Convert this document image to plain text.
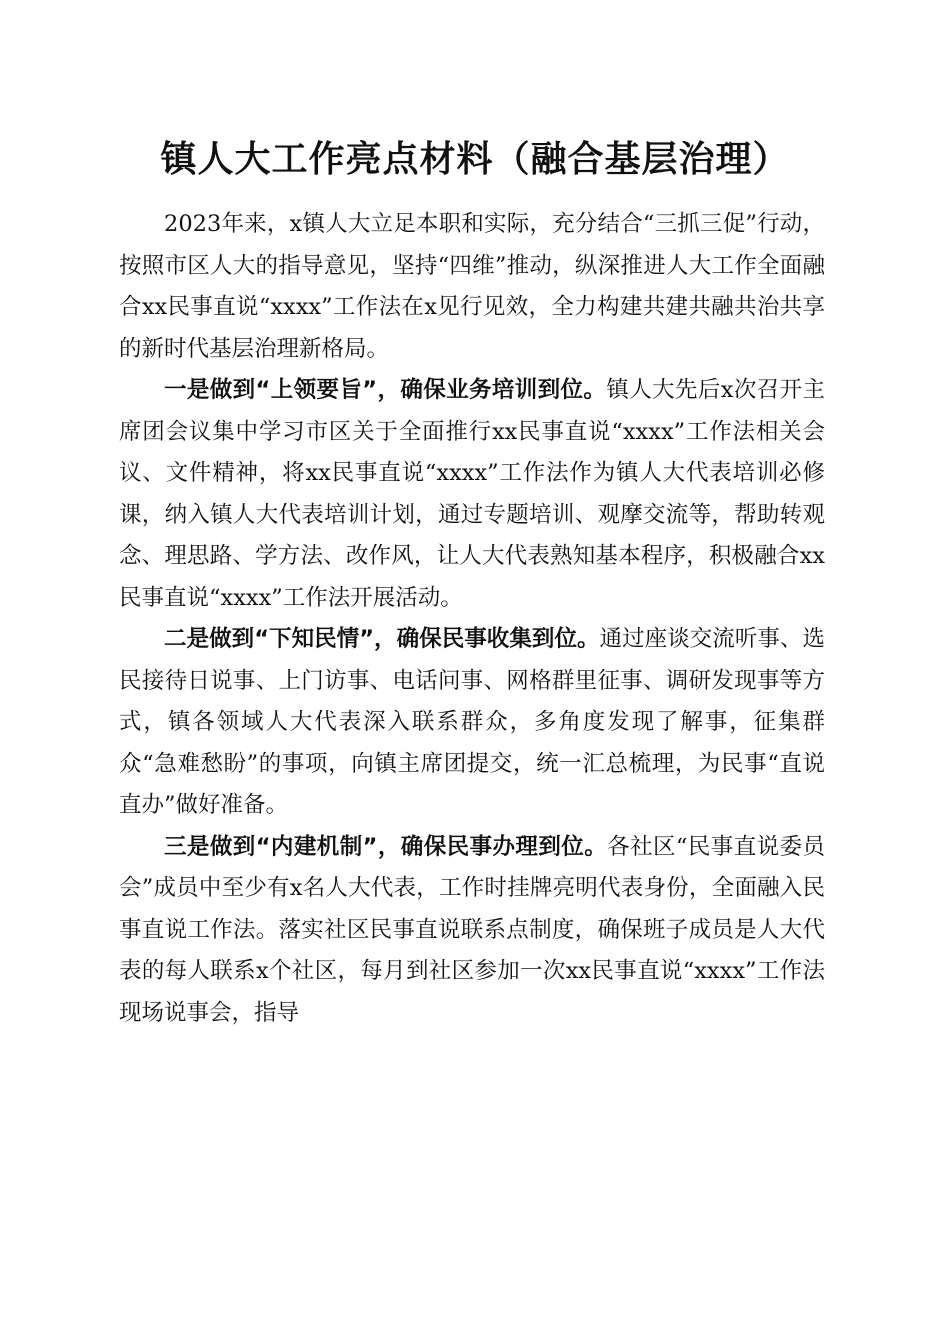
镇人大工作亮点材料（融合基层治理）

2023年来，x镇人大立足本职和实际，充分结合“三抓三促”行动，按照市区人大的指导意见，坚持“四维”推动，纵深推进人大工作全面融合xx民事直说“xxxx”工作法在x见行见效，全力构建共建共融共治共享的新时代基层治理新格局。

一是做到“上领要旨”，确保业务培训到位。镇人大先后x次召开主席团会议集中学习市区关于全面推行xx民事直说“xxxx”工作法相关会议、文件精神，将xx民事直说“xxxx”工作法作为镇人大代表培训必修课，纳入镇人大代表培训计划，通过专题培训、观摩交流等，帮助转观念、理思路、学方法、改作风，让人大代表熟知基本程序，积极融合xx民事直说“xxxx”工作法开展活动。

二是做到“下知民情”，确保民事收集到位。通过座谈交流听事、选民接待日说事、上门访事、电话问事、网格群里征事、调研发现事等方式，镇各领域人大代表深入联系群众，多角度发现了解事，征集群众“急难愁盼”的事项，向镇主席团提交，统一汇总梳理，为民事“直说直办”做好准备。

三是做到“内建机制”，确保民事办理到位。各社区“民事直说委员会”成员中至少有x名人大代表，工作时挂牌亮明代表身份，全面融入民事直说工作法。落实社区民事直说联系点制度，确保班子成员是人大代表的每人联系x个社区，每月到社区参加一次xx民事直说“xxxx”工作法现场说事会，指导
